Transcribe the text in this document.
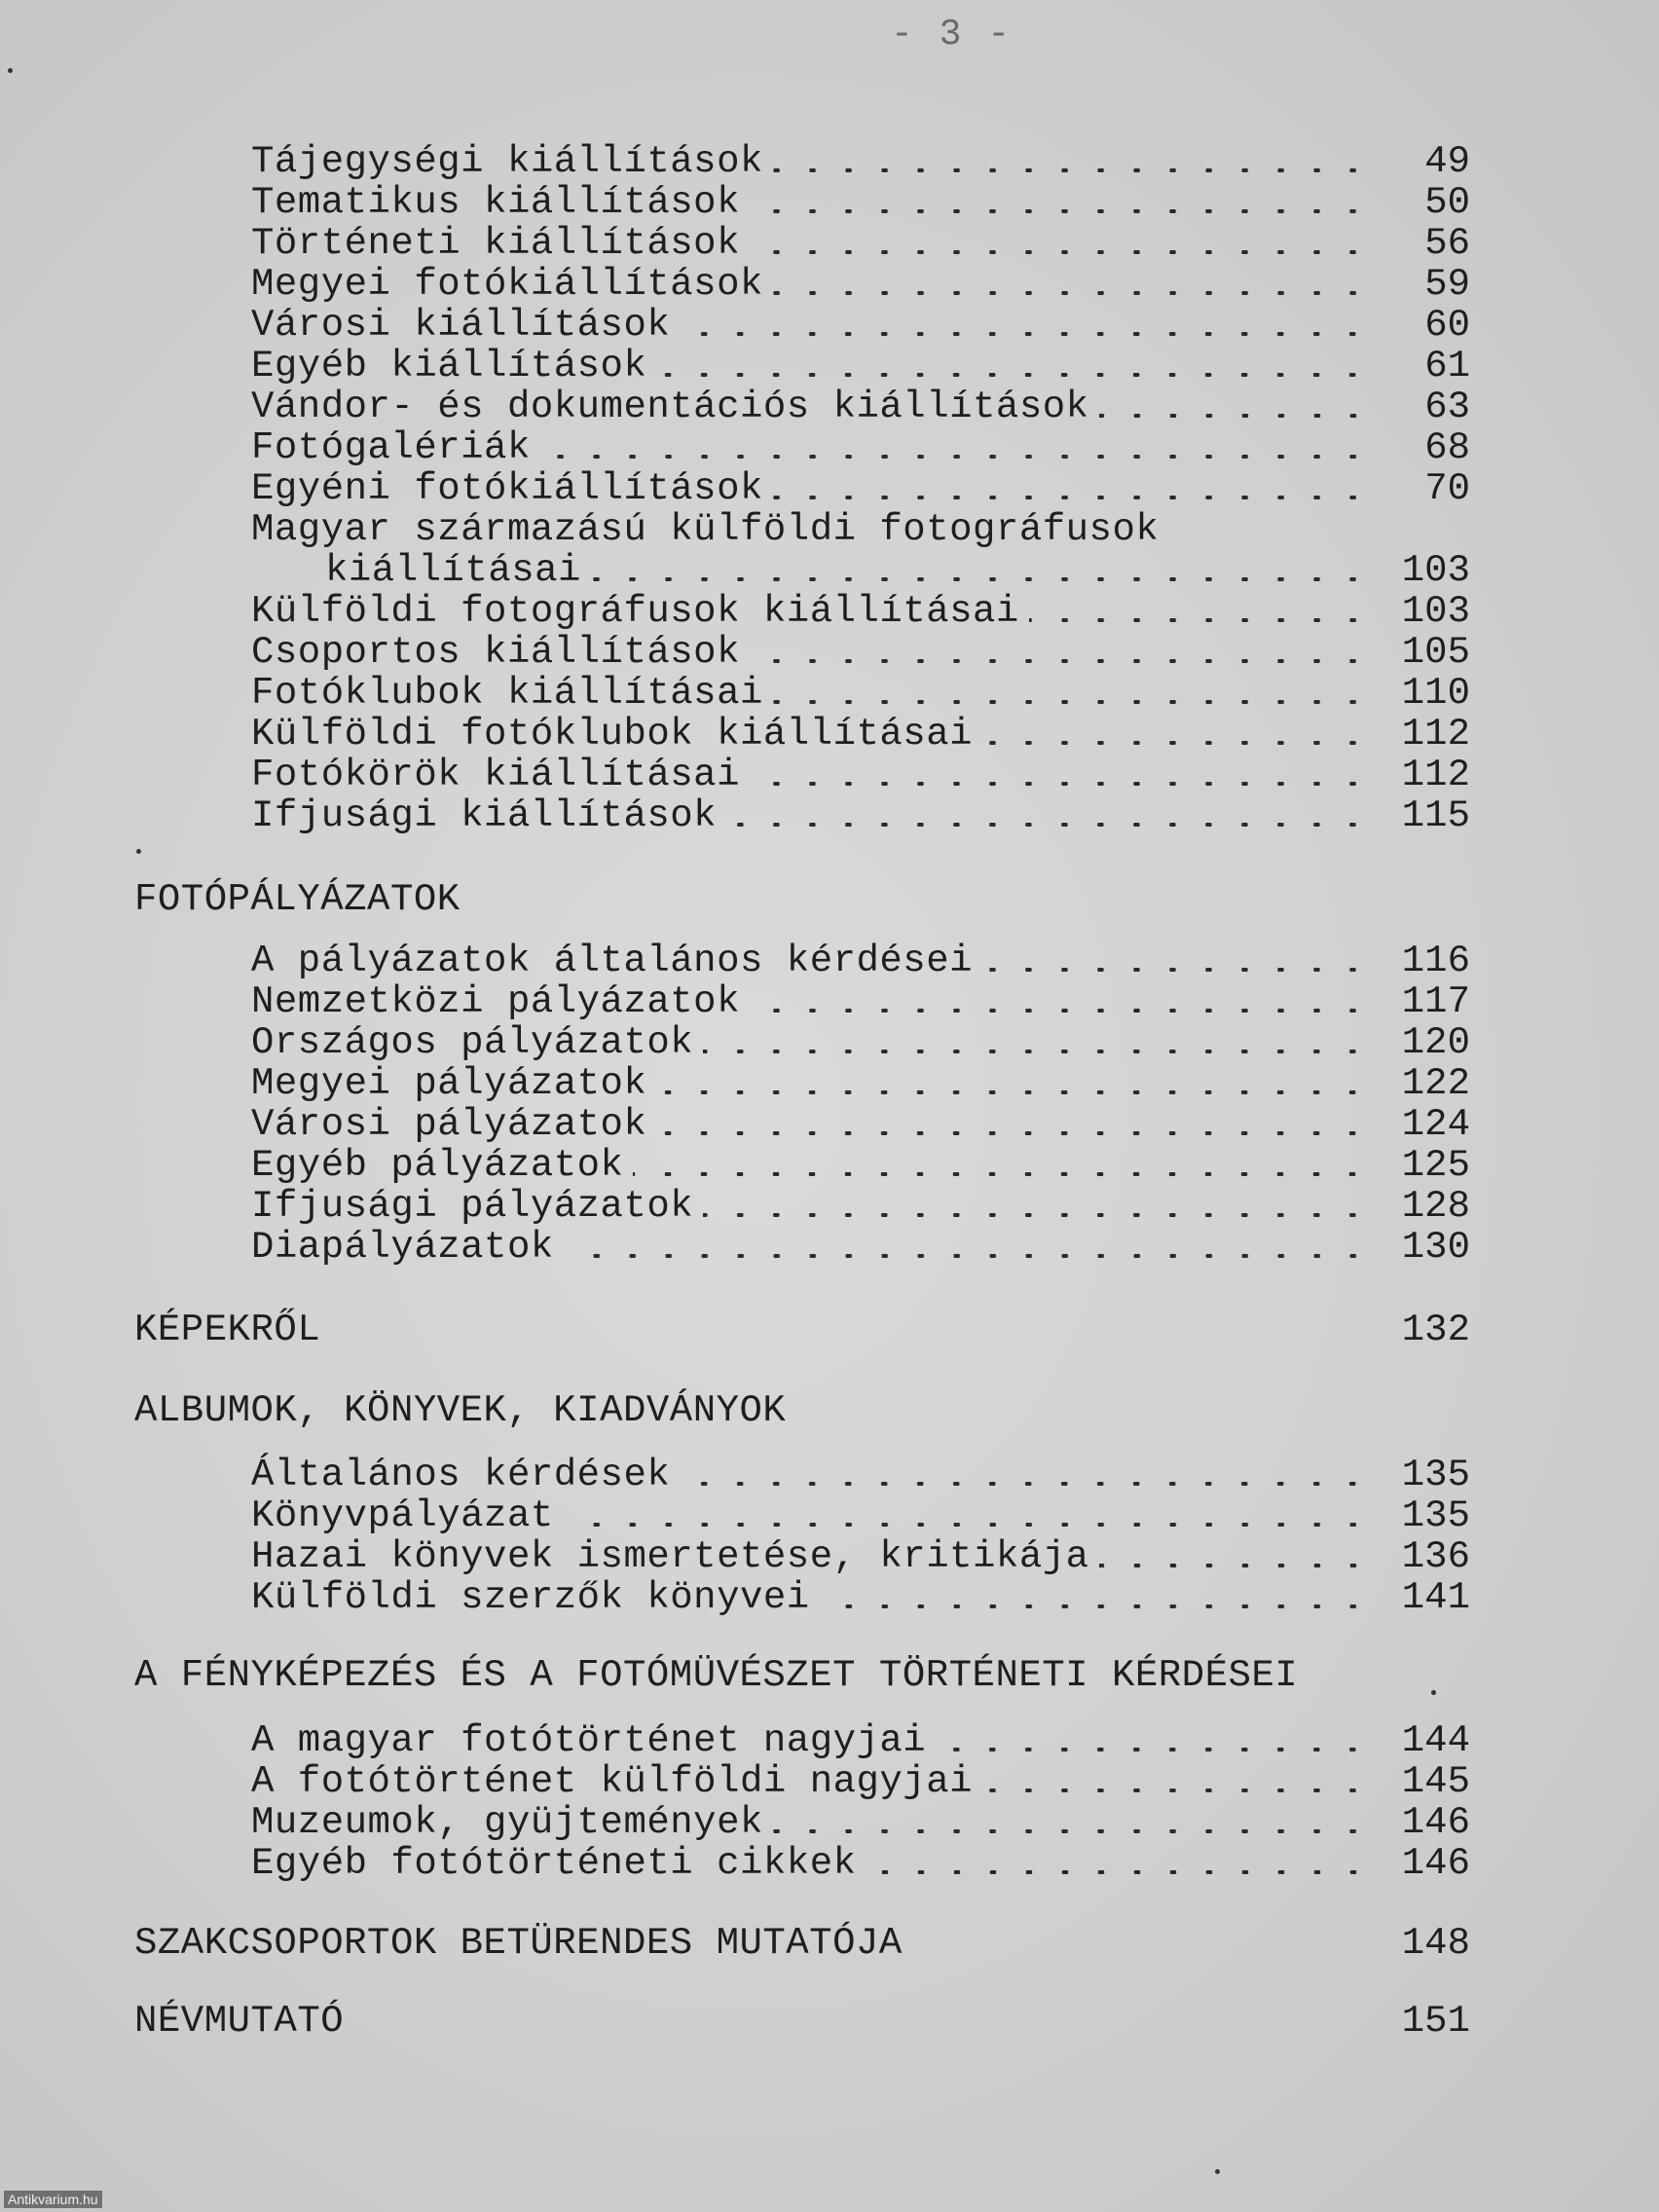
- 3 -
Tájegységi kiállítások	49
Tematikus kiállítások	50
Történeti kiállítások	56
Megyei fotókiállítások	59
Városi kiállítások	60
Egyéb kiállítások	61
Vándor- és dokumentációs kiállítások	63
Fotógalériák	68
Egyéni fotókiállítások	70
Magyar származású külföldi fotográfusok
kiállításai	103
Külföldi fotográfusok kiállításai	103
Csoportos kiállítások	105
Fotóklubok kiállításai	110
Külföldi fotóklubok kiállításai	112
Fotókörök kiállításai	112
Ifjusági kiállítások	115
FOTÓPÁLYÁZATOK
A pályázatok általános kérdései	116
Nemzetközi pályázatok	117
Országos pályázatok	120
Megyei pályázatok	122
Városi pályázatok	124
Egyéb pályázatok	125
Ifjusági pályázatok	128
Diapályázatok	130
KÉPEKRŐL	132
ALBUMOK, KÖNYVEK, KIADVÁNYOK
Általános kérdések	135
Könyvpályázat	135
Hazai könyvek ismertetése, kritikája	136
Külföldi szerzők könyvei	141
A FÉNYKÉPEZÉS ÉS A FOTÓMÜVÉSZET TÖRTÉNETI KÉRDÉSEI
A magyar fotótörténet nagyjai	144
A fotótörténet külföldi nagyjai	145
Muzeumok, gyüjtemények	146
Egyéb fotótörténeti cikkek	146
SZAKCSOPORTOK BETÜRENDES MUTATÓJA	148
NÉVMUTATÓ	151
Antikvarium.hu
